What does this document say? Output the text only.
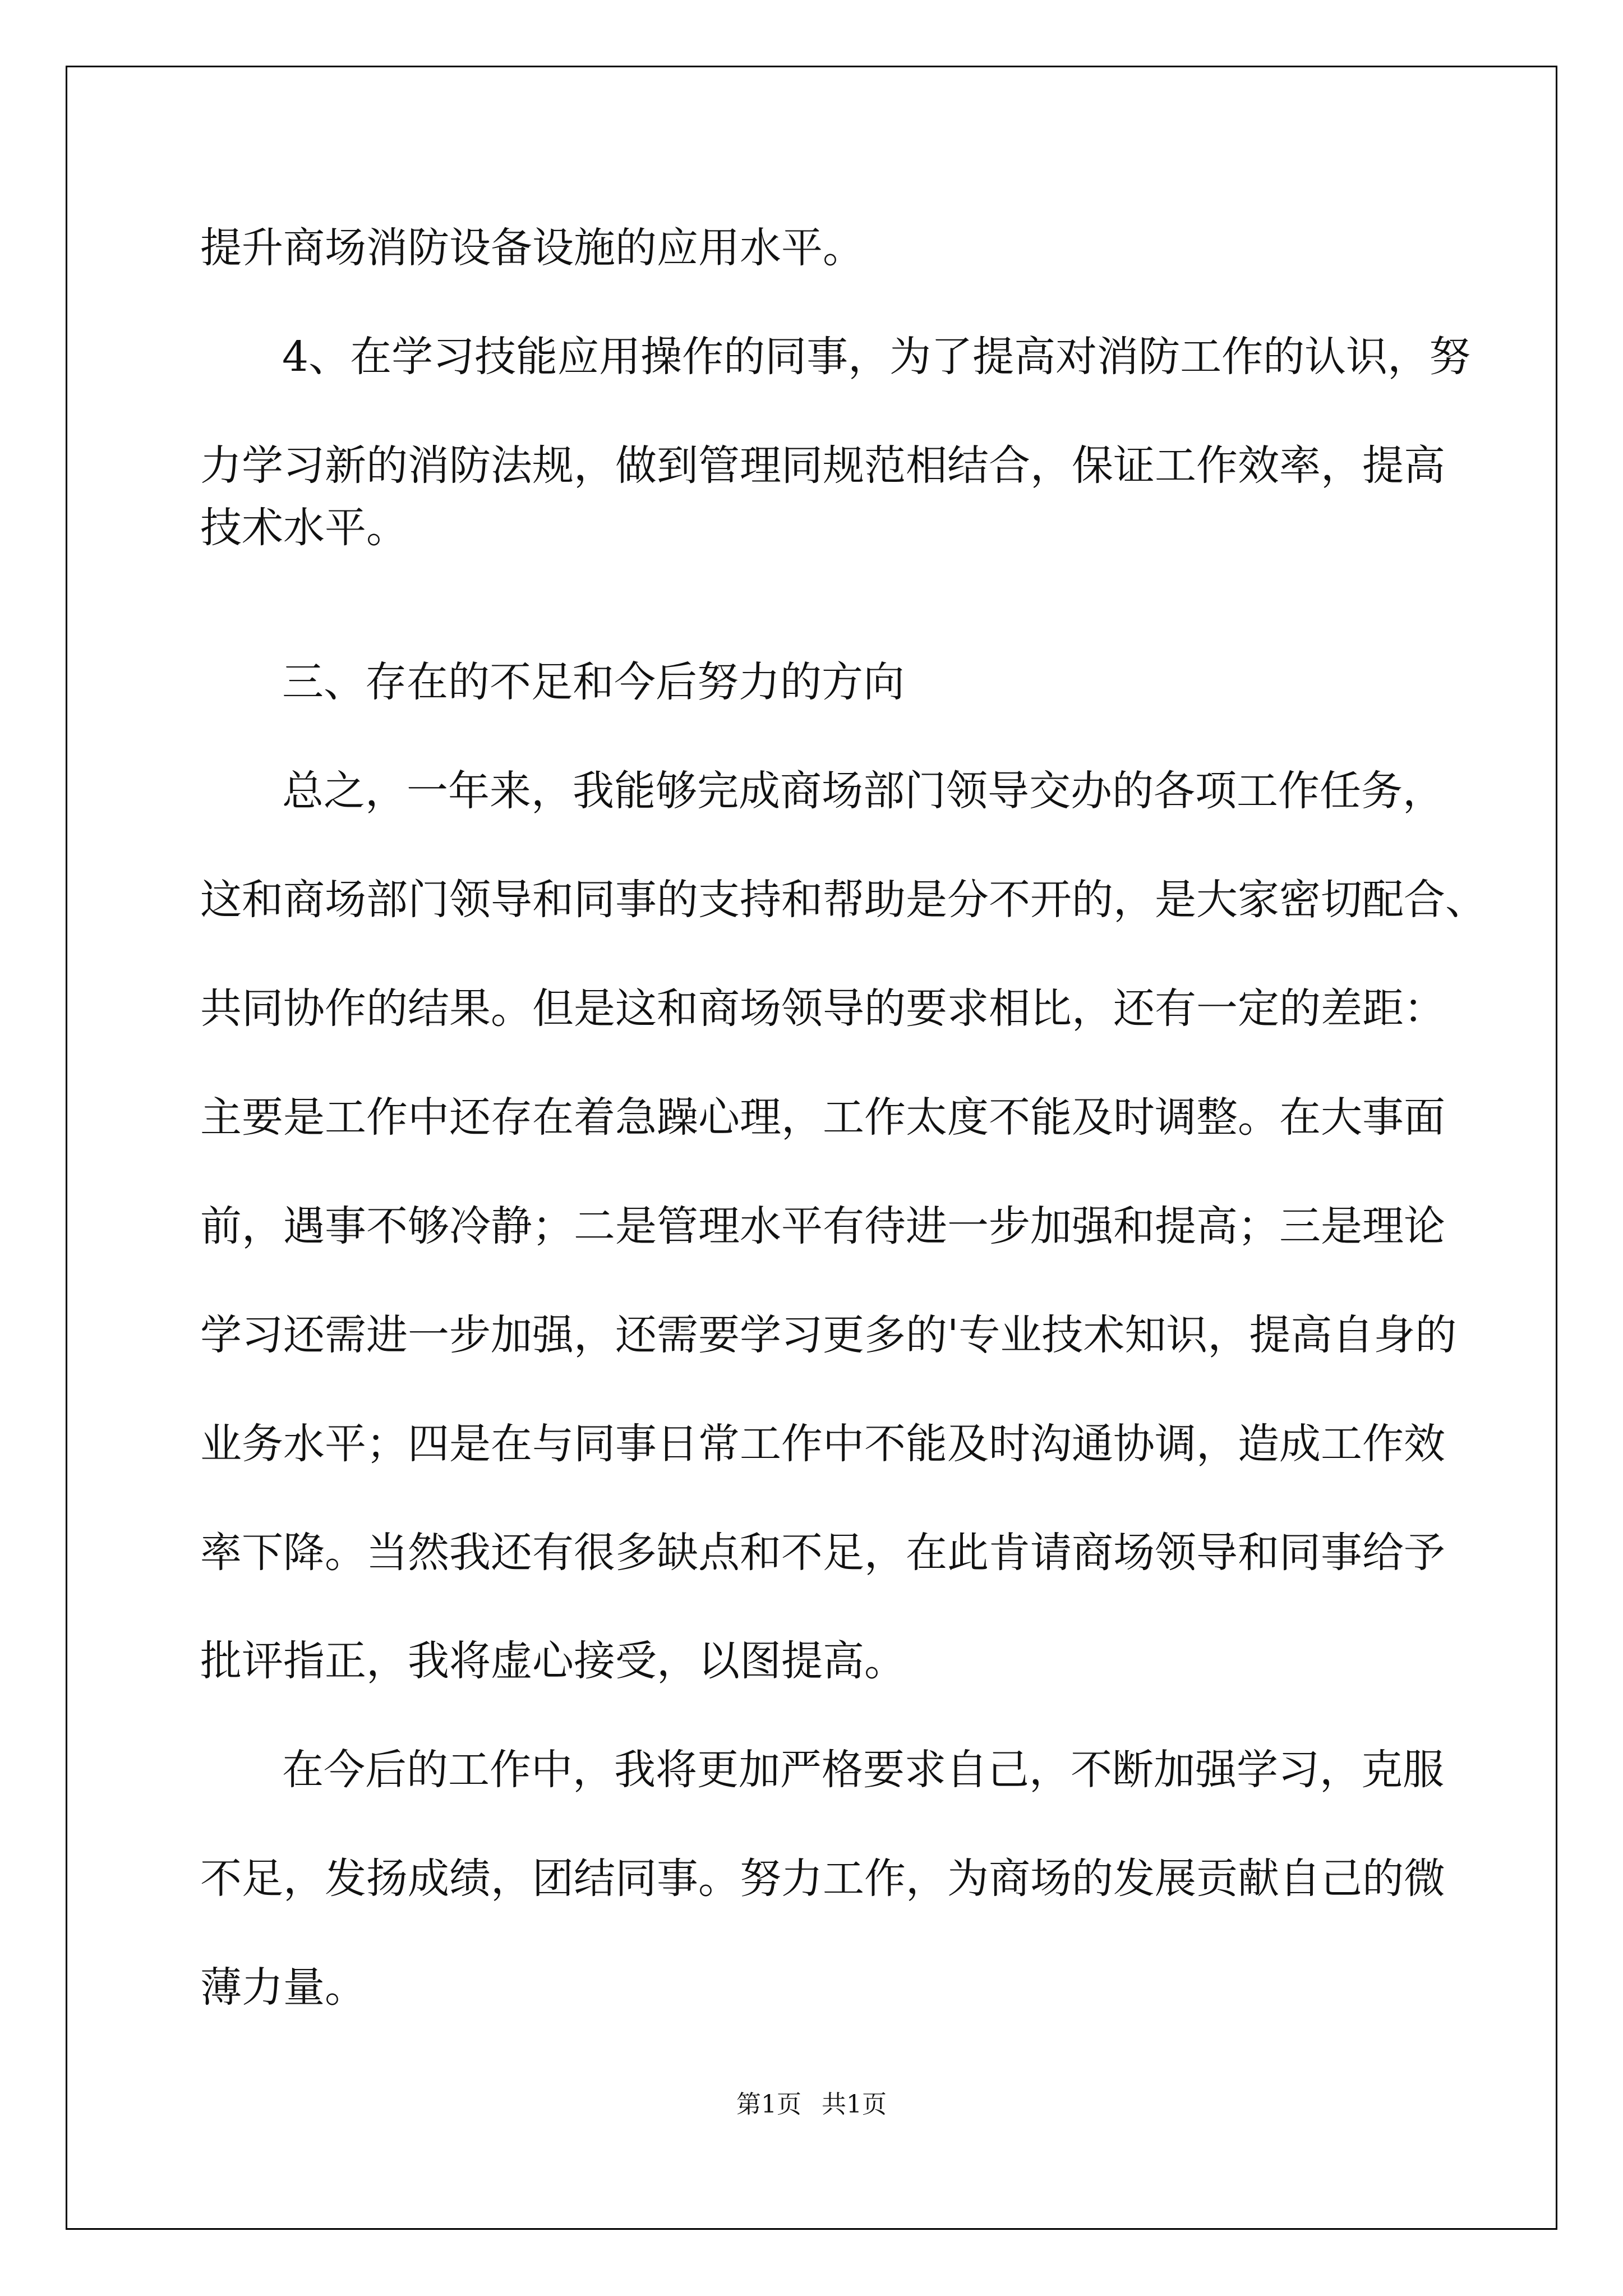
提升商场消防设备设施的应用水平。

4、在学习技能应用操作的同事，为了提高对消防工作的认识，努

力学习新的消防法规，做到管理同规范相结合，保证工作效率，提高

技术水平。

三、存在的不足和今后努力的方向

总之，一年来，我能够完成商场部门领导交办的各项工作任务，

这和商场部门领导和同事的支持和帮助是分不开的，是大家密切配合、

共同协作的结果。但是这和商场领导的要求相比，还有一定的差距：

主要是工作中还存在着急躁心理，工作太度不能及时调整。在大事面

前，遇事不够冷静；二是管理水平有待进一步加强和提高；三是理论

学习还需进一步加强，还需要学习更多的'专业技术知识，提高自身的

业务水平；四是在与同事日常工作中不能及时沟通协调，造成工作效

率下降。当然我还有很多缺点和不足，在此肯请商场领导和同事给予

批评指正，我将虚心接受，以图提高。

在今后的工作中，我将更加严格要求自己，不断加强学习，克服

不足，发扬成绩，团结同事。努力工作，为商场的发展贡献自己的微

薄力量。

第1页 共1页
